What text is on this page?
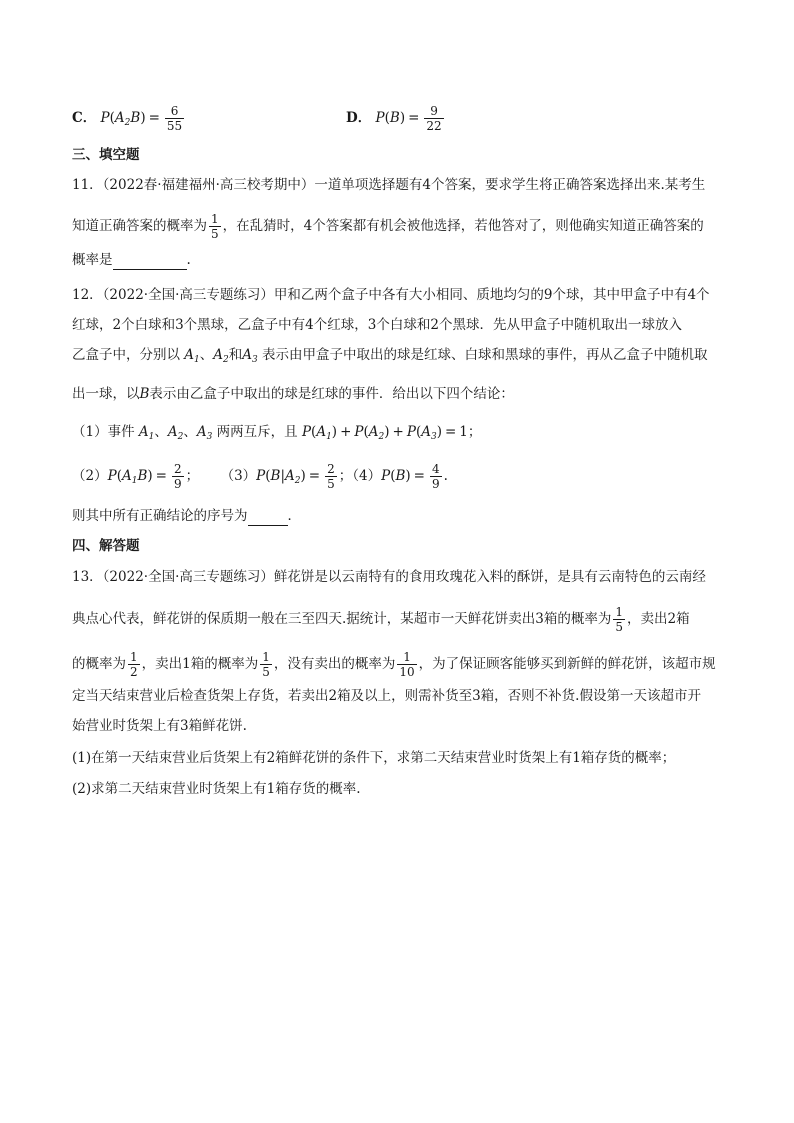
C． $P(A_2B) = \frac{6}{55}$	D． $P(B) = \frac{9}{22}$
三、填空题
11．（2022春·福建福州·高三校考期中）一道单项选择题有4个答案，要求学生将正确答案选择出来.某考生
知道正确答案的概率为 $\frac{1}{5}$ ，在乱猜时，4个答案都有机会被他选择，若他答对了，则他确实知道正确答案的
概率是	.
12．（2022·全国·高三专题练习）甲和乙两个盒子中各有大小相同、质地均匀的9个球，其中甲盒子中有4个
红球，2个白球和3个黑球，乙盒子中有4个红球，3个白球和2个黑球．先从甲盒子中随机取出一球放入
乙盒子中，分别以 $A_1$、$A_2$和$A_3$ 表示由甲盒子中取出的球是红球、白球和黑球的事件，再从乙盒子中随机取
出一球，以B表示由乙盒子中取出的球是红球的事件．给出以下四个结论：
（1）事件 $A_1$、$A_2$、$A_3$ 两两互斥，且 $P(A_1) + P(A_2) + P(A_3) = 1$；
$(2)P(A_1B) = \frac{2}{9}$ ；     $(3)P(B|A_2) = \frac{2}{5}$ ；$(4)P(B) = \frac{4}{9}$ .
则其中所有正确结论的序号为	．
四、解答题
13．（2022·全国·高三专题练习）鲜花饼是以云南特有的食用玫瑰花入料的酥饼，是具有云南特色的云南经
典点心代表，鲜花饼的保质期一般在三至四天.据统计，某超市一天鲜花饼卖出3箱的概率为 $\frac{1}{5}$ ，卖出2箱
的概率为 $\frac{1}{2}$ ，卖出1箱的概率为 $\frac{1}{5}$ ，没有卖出的概率为 $\frac{1}{10}$ ，为了保证顾客能够买到新鲜的鲜花饼，该超市规
定当天结束营业后检查货架上存货，若卖出2箱及以上，则需补货至3箱，否则不补货.假设第一天该超市开
始营业时货架上有3箱鲜花饼.
(1)在第一天结束营业后货架上有2箱鲜花饼的条件下，求第二天结束营业时货架上有1箱存货的概率；
(2)求第二天结束营业时货架上有1箱存货的概率.
